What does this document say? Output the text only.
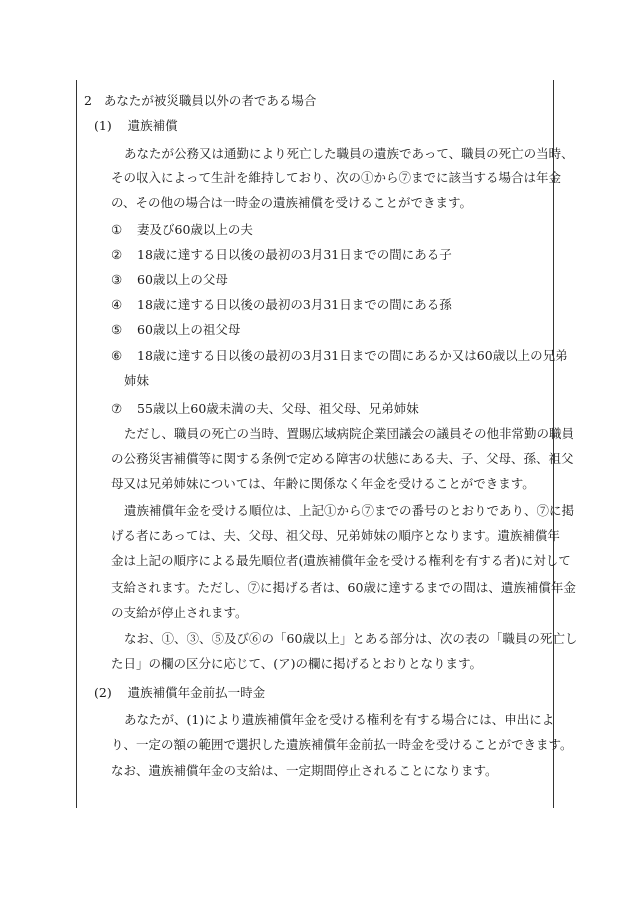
2 あなたが被災職員以外の者である場合
(1) 遺族補償
あなたが公務又は通勤により死亡した職員の遺族であって、職員の死亡の当時、
その収入によって生計を維持しており、次の①から⑦までに該当する場合は年金
の、その他の場合は一時金の遺族補償を受けることができます。
① 妻及び60歳以上の夫
② 18歳に達する日以後の最初の3月31日までの間にある子
③ 60歳以上の父母
④ 18歳に達する日以後の最初の3月31日までの間にある孫
⑤ 60歳以上の祖父母
⑥ 18歳に達する日以後の最初の3月31日までの間にあるか又は60歳以上の兄弟
姉妹
⑦ 55歳以上60歳未満の夫、父母、祖父母、兄弟姉妹
ただし、職員の死亡の当時、置賜広域病院企業団議会の議員その他非常勤の職員
の公務災害補償等に関する条例で定める障害の状態にある夫、子、父母、孫、祖父
母又は兄弟姉妹については、年齢に関係なく年金を受けることができます。
遺族補償年金を受ける順位は、上記①から⑦までの番号のとおりであり、⑦に掲
げる者にあっては、夫、父母、祖父母、兄弟姉妹の順序となります。遺族補償年
金は上記の順序による最先順位者(遺族補償年金を受ける権利を有する者)に対して
支給されます。ただし、⑦に掲げる者は、60歳に達するまでの間は、遺族補償年金
の支給が停止されます。
なお、①、③、⑤及び⑥の「60歳以上」とある部分は、次の表の「職員の死亡し
た日」の欄の区分に応じて、(ア)の欄に掲げるとおりとなります。
(2) 遺族補償年金前払一時金
あなたが、(1)により遺族補償年金を受ける権利を有する場合には、申出によ
り、一定の額の範囲で選択した遺族補償年金前払一時金を受けることができます。
なお、遺族補償年金の支給は、一定期間停止されることになります。
